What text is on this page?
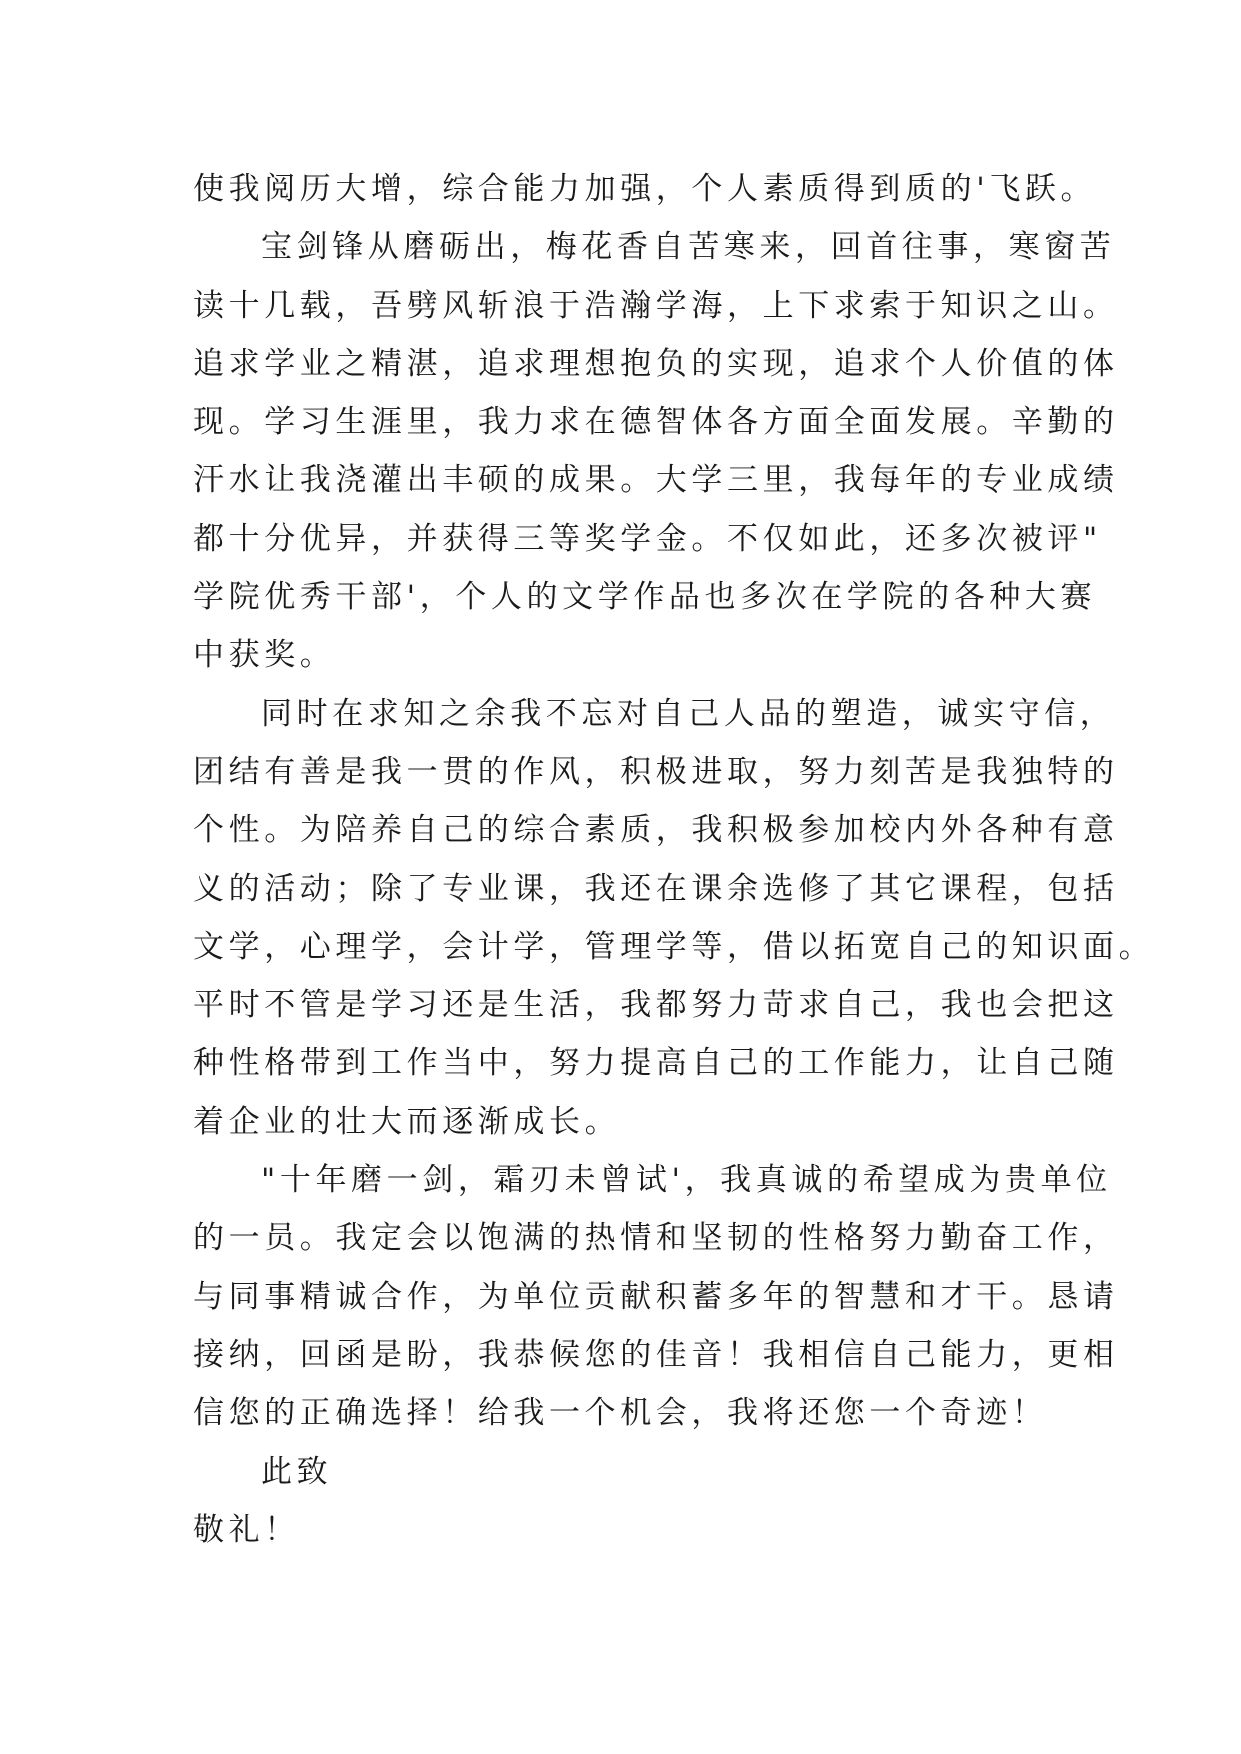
使我阅历大增，综合能力加强，个人素质得到质的'飞跃。
宝剑锋从磨砺出，梅花香自苦寒来，回首往事，寒窗苦
读十几载，吾劈风斩浪于浩瀚学海，上下求索于知识之山。
追求学业之精湛，追求理想抱负的实现，追求个人价值的体
现。学习生涯里，我力求在德智体各方面全面发展。辛勤的
汗水让我浇灌出丰硕的成果。大学三里，我每年的专业成绩
都十分优异，并获得三等奖学金。不仅如此，还多次被评"
学院优秀干部'，个人的文学作品也多次在学院的各种大赛
中获奖。
同时在求知之余我不忘对自己人品的塑造，诚实守信，
团结有善是我一贯的作风，积极进取，努力刻苦是我独特的
个性。为陪养自己的综合素质，我积极参加校内外各种有意
义的活动；除了专业课，我还在课余选修了其它课程，包括
文学，心理学，会计学，管理学等，借以拓宽自己的知识面。
平时不管是学习还是生活，我都努力苛求自己，我也会把这
种性格带到工作当中，努力提高自己的工作能力，让自己随
着企业的壮大而逐渐成长。
"十年磨一剑，霜刃未曾试'，我真诚的希望成为贵单位
的一员。我定会以饱满的热情和坚韧的性格努力勤奋工作，
与同事精诚合作，为单位贡献积蓄多年的智慧和才干。恳请
接纳，回函是盼，我恭候您的佳音！我相信自己能力，更相
信您的正确选择！给我一个机会，我将还您一个奇迹！
此致
敬礼！
